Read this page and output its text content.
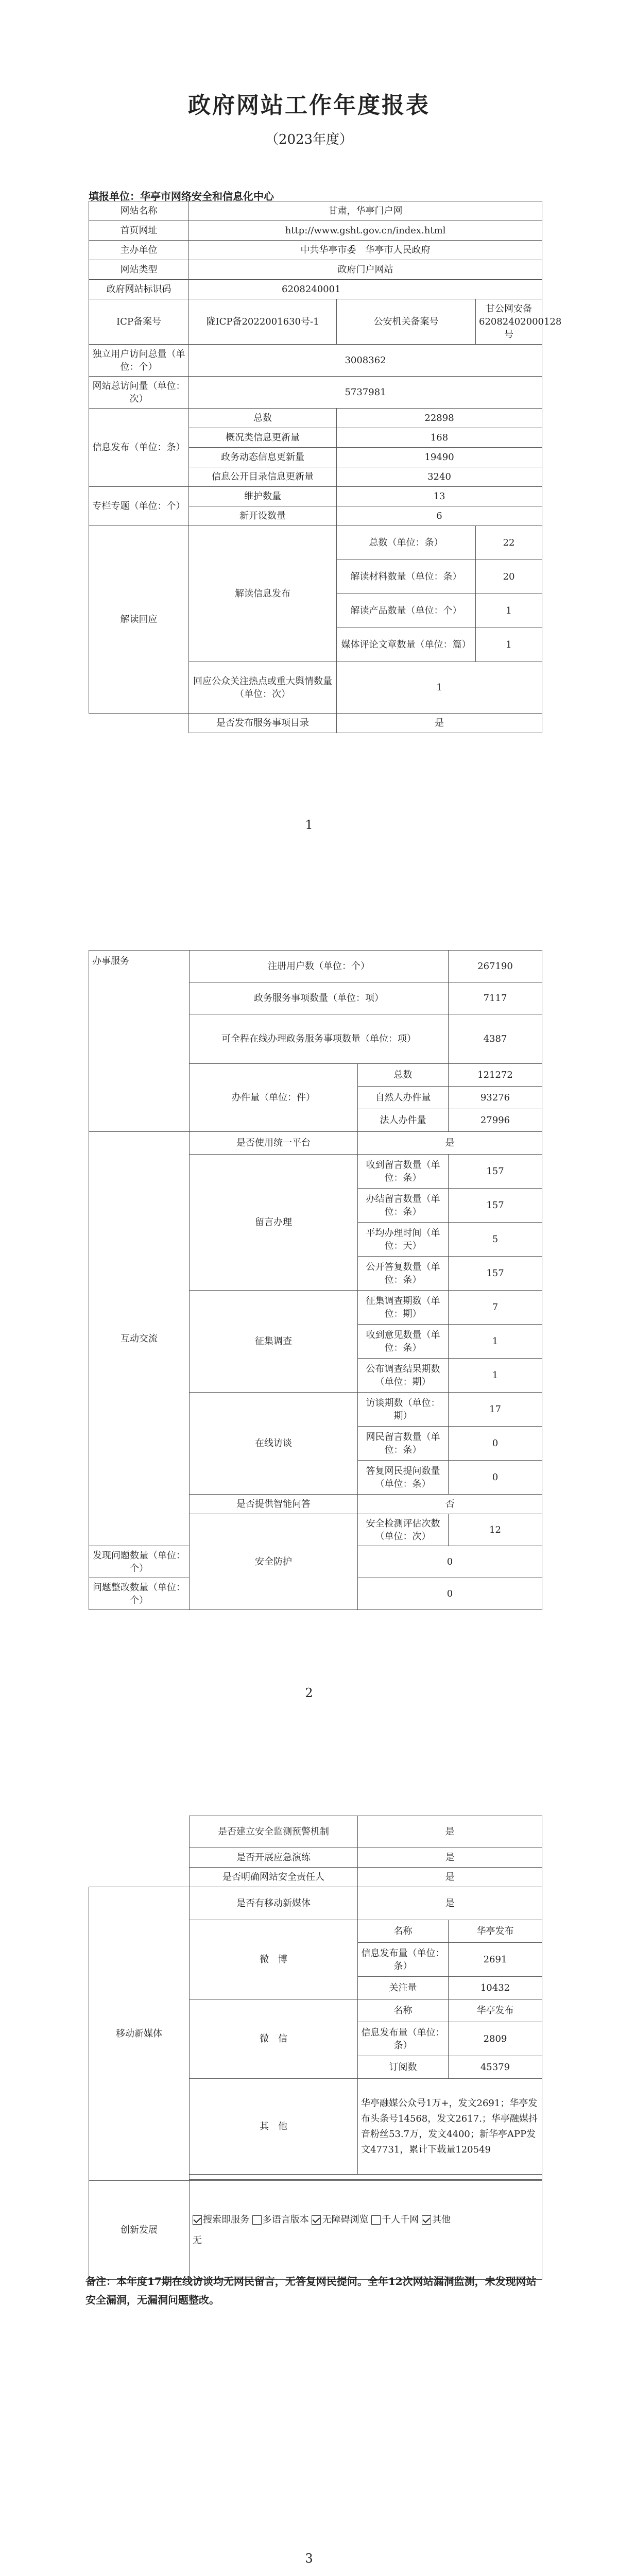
政府网站工作年度报表
（2023年度）
填报单位：华亭市网络安全和信息化中心
网站名称	甘肃，华亭门户网		
首页网址	http://www.gsht.gov.cn/index.html		
主办单位	中共华亭市委　华亭市人民政府		
网站类型	政府门户网站		
政府网站标识码	6208240001		
ICP备案号	陇ICP备2022001630号-1	公安机关备案号	甘公网安备62082402000128号
独立用户访问总量（单位：个）	3008362		
网站总访问量（单位：次）	5737981		
信息发布（单位：条）	总数	22898	
	概况类信息更新量	168	
	政务动态信息更新量	19490	
	信息公开目录信息更新量	3240	
专栏专题（单位：个）	维护数量	13	
	新开设数量	6	
解读回应	解读信息发布	总数（单位：条）	22
		解读材料数量（单位：条）	20
		解读产品数量（单位：个）	1
		媒体评论文章数量（单位：篇）	1
	回应公众关注热点或重大舆情数量（单位：次）	1	
	是否发布服务事项目录	是	
1
办事服务	注册用户数（单位：个）		267190
	政务服务事项数量（单位：项）		7117
	可全程在线办理政务服务事项数量（单位：项）		4387
	办件量（单位：件）	总数	121272
		自然人办件量	93276
		法人办件量	27996
互动交流	是否使用统一平台	是	
	留言办理	收到留言数量（单位：条）	157
		办结留言数量（单位：条）	157
		平均办理时间（单位：天）	5
		公开答复数量（单位：条）	157
	征集调查	征集调查期数（单位：期）	7
		收到意见数量（单位：条）	1
		公布调查结果期数（单位：期）	1
	在线访谈	访谈期数（单位：期）	17
		网民留言数量（单位：条）	0
		答复网民提问数量（单位：条）	0
	是否提供智能问答	否	
	安全防护	安全检测评估次数（单位：次）	12
发现问题数量（单位：个）		0	
问题整改数量（单位：个）		0	
2
	是否建立安全监测预警机制	是	
	是否开展应急演练	是	
	是否明确网站安全责任人	是	
移动新媒体	是否有移动新媒体	是	
	微　博	名称	华亭发布
		信息发布量（单位：条）	2691
		关注量	10432
	微　信	名称	华亭发布
		信息发布量（单位：条）	2809
		订阅数	45379
	其　他	华亭融媒公众号1万+，发文2691；华亭发布头条号14568，发文2617.；华亭融媒抖音粉丝53.7万，发文4400；新华亭APP发文47731，累计下载量120549	

创新发展	搜索即服务 多语言版本 无障碍浏览 千人千网 其他
无		
备注：本年度17期在线访谈均无网民留言，无答复网民提问。全年12次网站漏洞监测，未发现网站安全漏洞，无漏洞问题整改。
3
